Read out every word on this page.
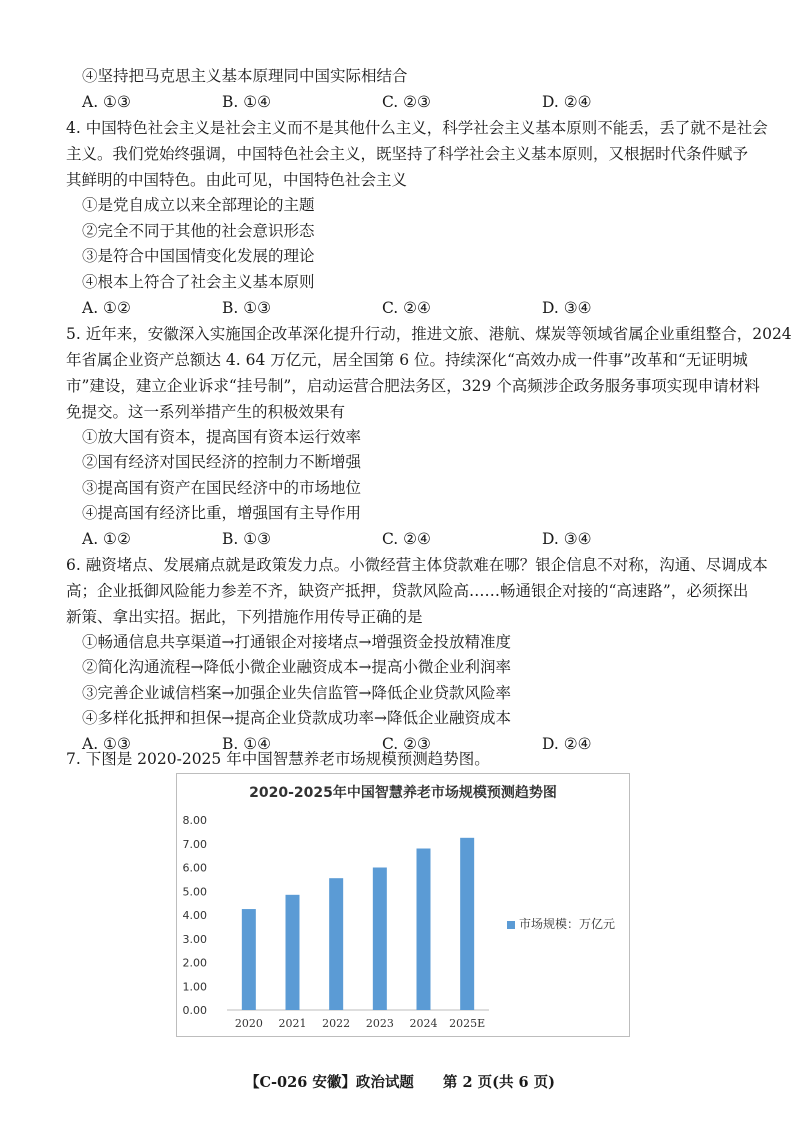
④坚持把马克思主义基本原理同中国实际相结合
A. ①③	B. ①④	C. ②③	D. ②④
4. 中国特色社会主义是社会主义而不是其他什么主义，科学社会主义基本原则不能丢，丢了就不是社会
主义。我们党始终强调，中国特色社会主义，既坚持了科学社会主义基本原则，又根据时代条件赋予
其鲜明的中国特色。由此可见，中国特色社会主义
①是党自成立以来全部理论的主题
②完全不同于其他的社会意识形态
③是符合中国国情变化发展的理论
④根本上符合了社会主义基本原则
A. ①②	B. ①③	C. ②④	D. ③④
5. 近年来，安徽深入实施国企改革深化提升行动，推进文旅、港航、煤炭等领域省属企业重组整合，2024
年省属企业资产总额达 4. 64 万亿元，居全国第 6 位。持续深化“高效办成一件事”改革和“无证明城
市”建设，建立企业诉求“挂号制”，启动运营合肥法务区，329 个高频涉企政务服务事项实现申请材料
免提交。这一系列举措产生的积极效果有
①放大国有资本，提高国有资本运行效率
②国有经济对国民经济的控制力不断增强
③提高国有资产在国民经济中的市场地位
④提高国有经济比重，增强国有主导作用
A. ①②	B. ①③	C. ②④	D. ③④
6. 融资堵点、发展痛点就是政策发力点。小微经营主体贷款难在哪？银企信息不对称，沟通、尽调成本
高；企业抵御风险能力参差不齐，缺资产抵押，贷款风险高……畅通银企对接的“高速路”，必须探出
新策、拿出实招。据此，下列措施作用传导正确的是
①畅通信息共享渠道→打通银企对接堵点→增强资金投放精准度
②简化沟通流程→降低小微企业融资成本→提高小微企业利润率
③完善企业诚信档案→加强企业失信监管→降低企业贷款风险率
④多样化抵押和担保→提高企业贷款成功率→降低企业融资成本
A. ①③	B. ①④	C. ②③	D. ②④
7. 下图是 2020-2025 年中国智慧养老市场规模预测趋势图。
2020-2025年中国智慧养老市场规模预测趋势图
0.00
1.00
2.00
3.00
4.00
5.00
6.00
7.00
8.00
2020 2021 2022 2023 2024 2025E
市场规模：万亿元
【C-026 安徽】政治试题 第 2 页(共 6 页)
